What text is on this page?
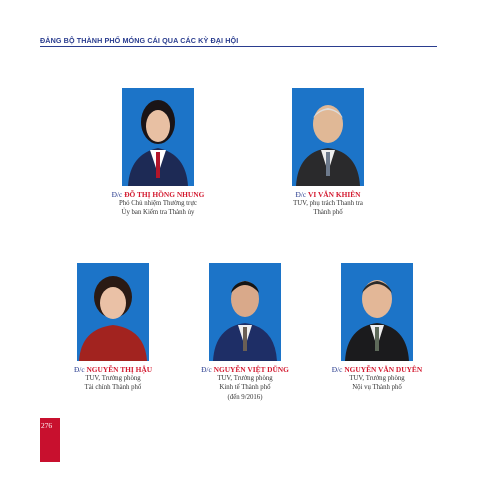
ĐẢNG BỘ THÀNH PHỐ MÓNG CÁI QUA CÁC KỲ ĐẠI HỘI
Đ/c ĐỖ THỊ HỒNG NHUNG
Phó Chủ nhiệm Thường trực
Ủy ban Kiểm tra Thành ủy
Đ/c VI VĂN KHIÊN
TUV, phụ trách Thanh tra
Thành phố
Đ/c NGUYỄN THỊ HẬU
TUV, Trưởng phòng
Tài chính Thành phố
Đ/c NGUYỄN VIỆT DŨNG
TUV, Trưởng phòng
Kinh tế Thành phố
(đến 9/2016)
Đ/c NGUYỄN VĂN DUYÊN
TUV, Trưởng phòng
Nội vụ Thành phố
276
